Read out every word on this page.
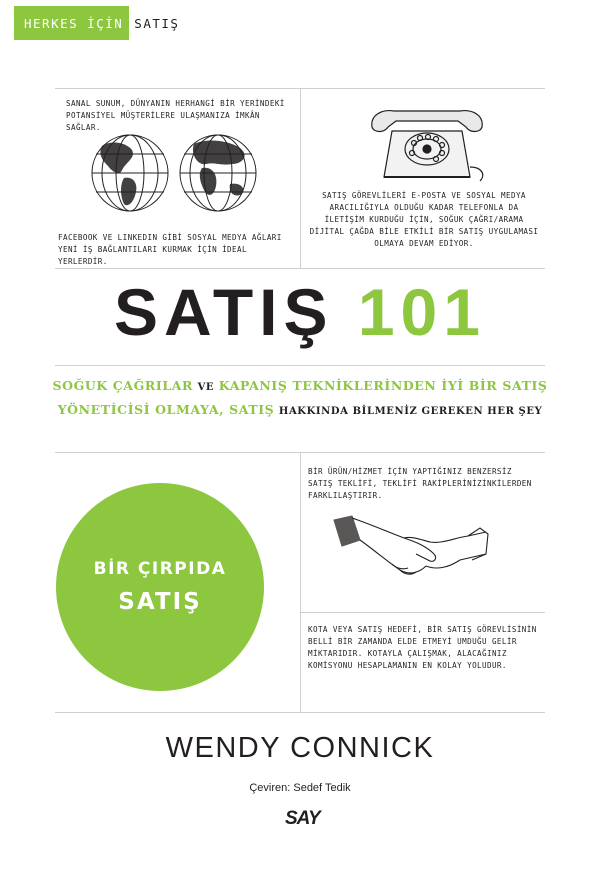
HERKES İÇİN SATIŞ
SANAL SUNUM, DÜNYANIN HERHANGİ BİR YERİNDEKİ POTANSİYEL MÜŞTERİLERE ULAŞMANIZA İMKÂN SAĞLAR.
FACEBOOK VE LINKEDIN GİBİ SOSYAL MEDYA AĞLARI YENİ İŞ BAĞLANTILARI KURMAK İÇİN İDEAL YERLERDİR.
SATIŞ GÖREVLİLERİ E-POSTA VE SOSYAL MEDYA ARACILIĞIYLA OLDUĞU KADAR TELEFONLA DA İLETİŞİM KURDUĞU İÇİN, SOĞUK ÇAĞRI/ARAMA DİJİTAL ÇAĞDA BİLE ETKİLİ BİR SATIŞ UYGULAMASI OLMAYA DEVAM EDİYOR.
SATIŞ 101
SOĞUK ÇAĞRILAR VE KAPANIŞ TEKNİKLERİNDEN İYİ BİR SATIŞ
YÖNETİCİSİ OLMAYA, SATIŞ HAKKINDA BİLMENİZ GEREKEN HER ŞEY
BİR ÇIRPIDA
SATIŞ
BİR ÜRÜN/HİZMET İÇİN YAPTIĞINIZ BENZERSİZ SATIŞ TEKLİFİ, TEKLİFİ RAKİPLERİNİZİNKİLERDEN FARKLILAŞTIRIR.
KOTA VEYA SATIŞ HEDEFİ, BİR SATIŞ GÖREVLİSİNİN BELLİ BİR ZAMANDA ELDE ETMEYİ UMDUĞU GELİR MİKTARIDIR. KOTAYLA ÇALIŞMAK, ALACAĞINIZ KOMİSYONU HESAPLAMANIN EN KOLAY YOLUDUR.
WENDY CONNICK
Çeviren: Sedef Tedik
SAY
